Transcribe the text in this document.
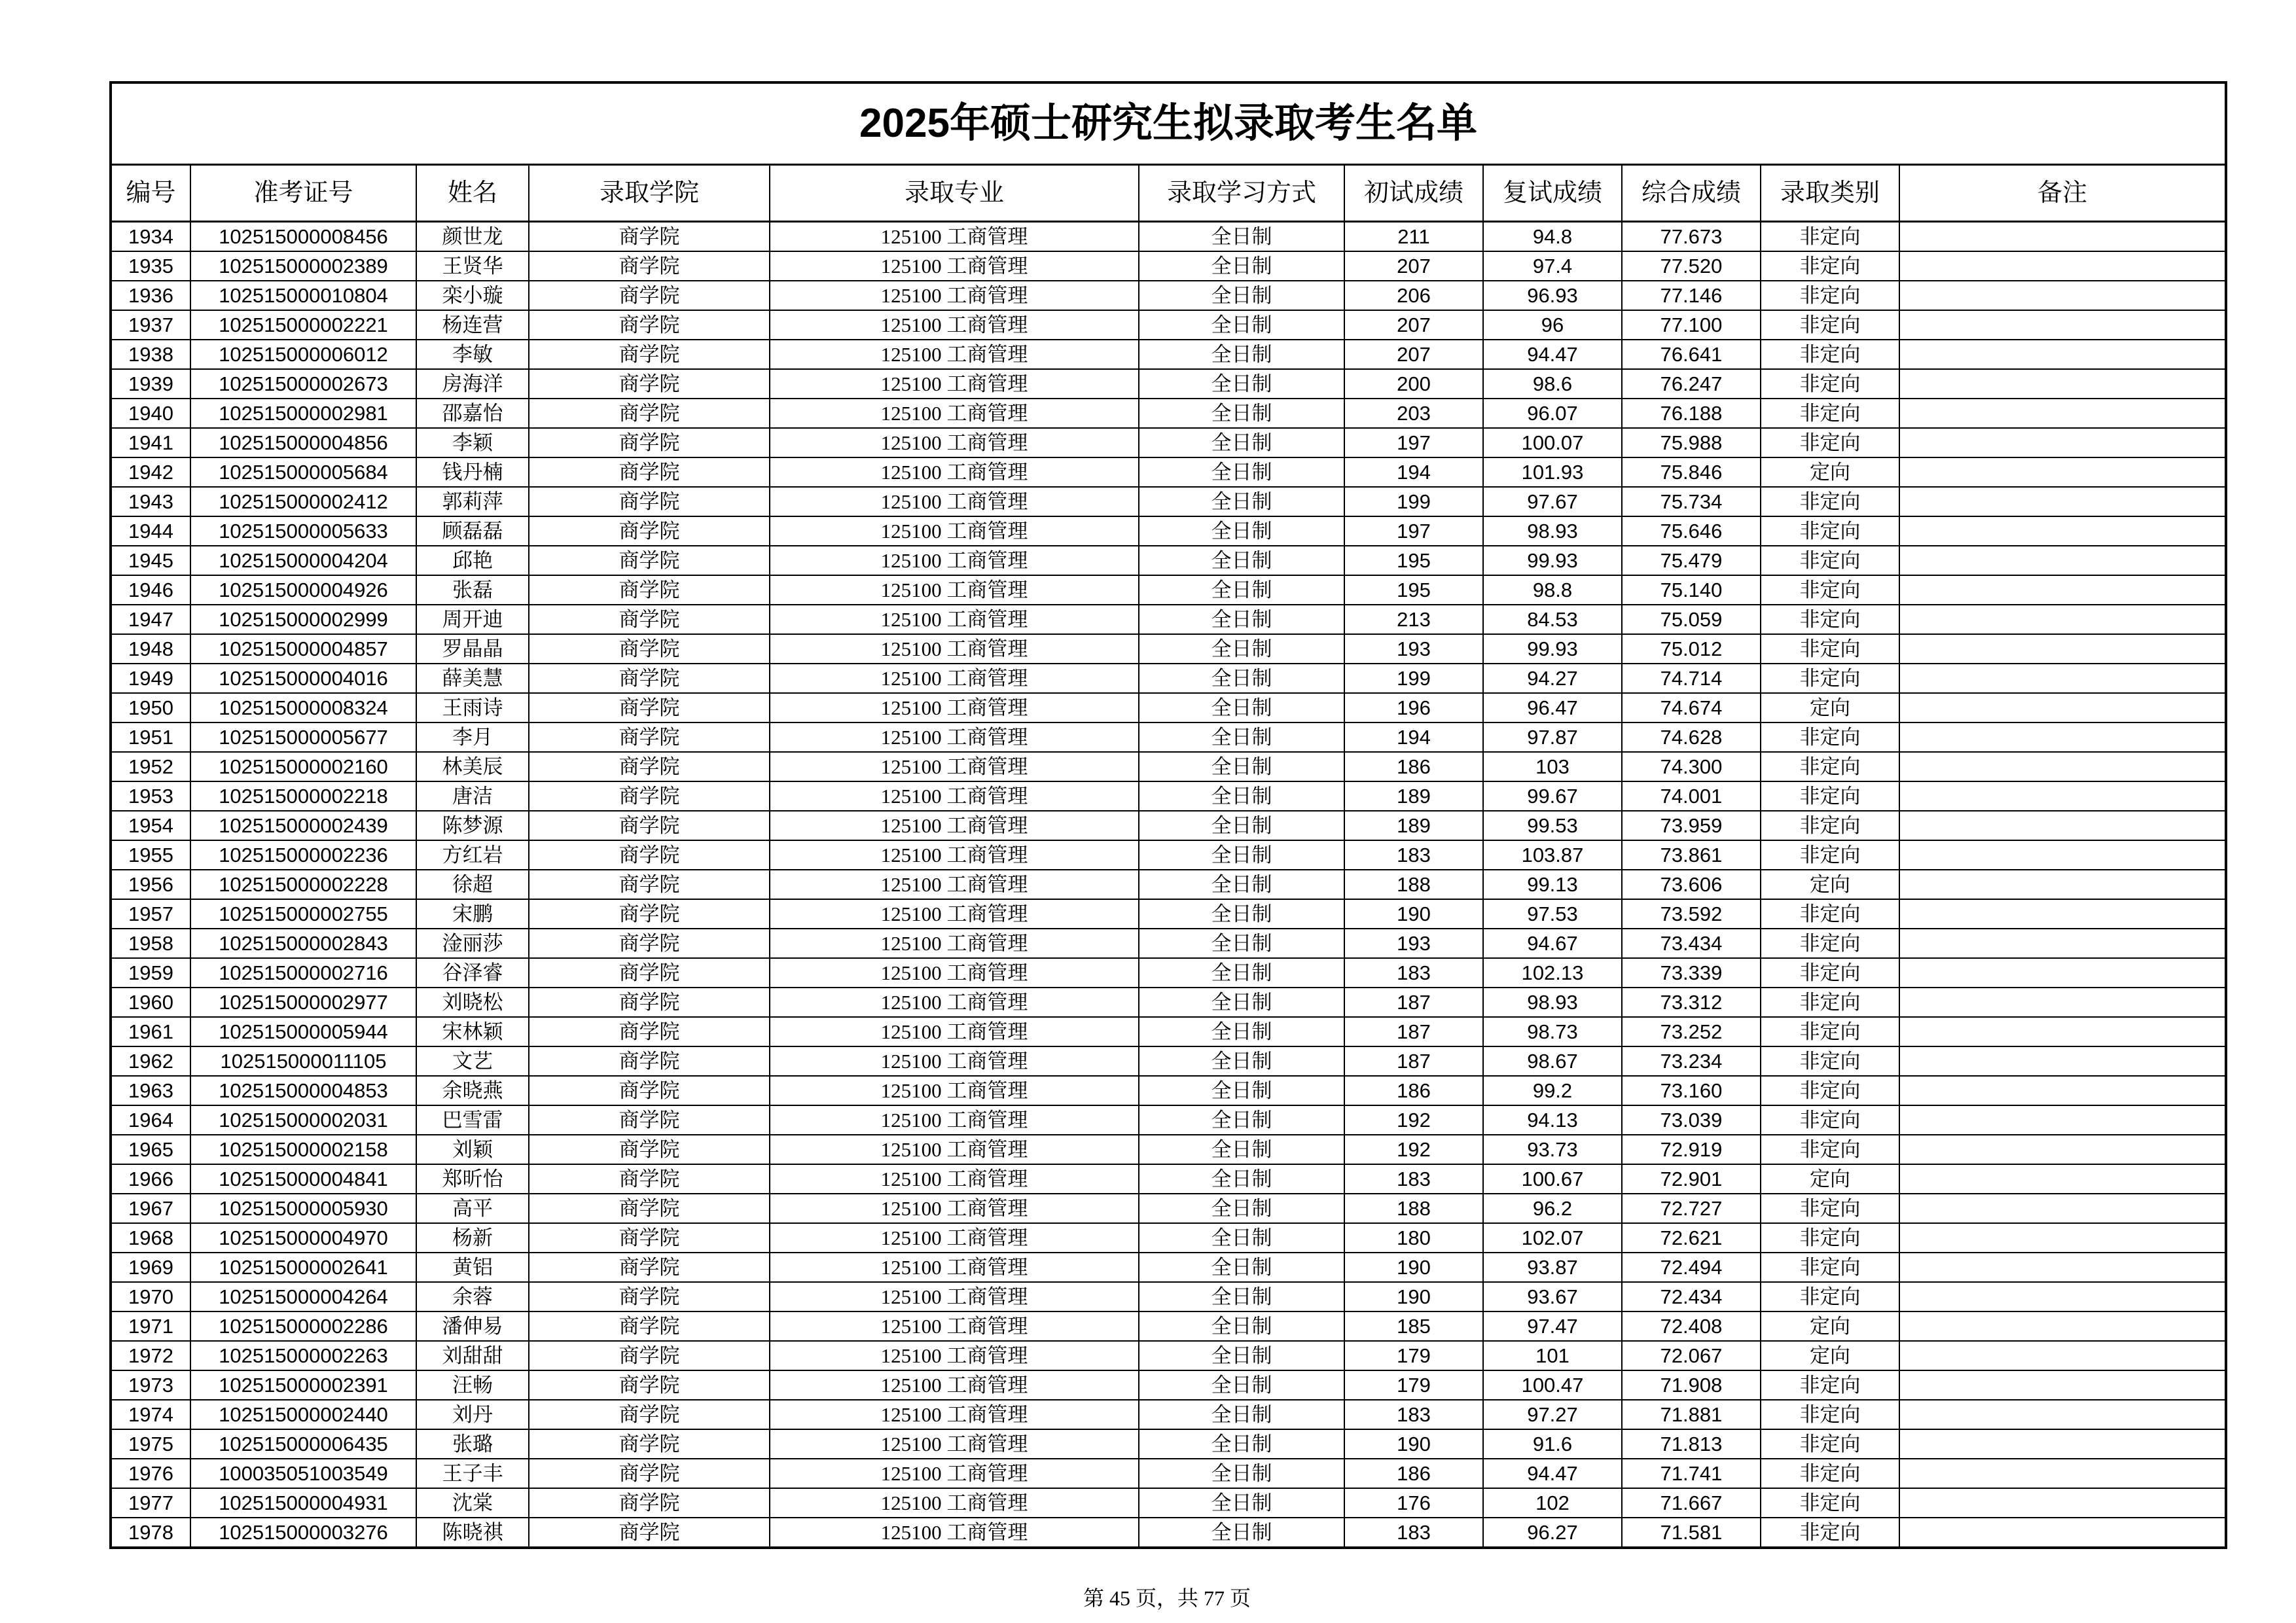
2025年硕士研究生拟录取考生名单										
编号	准考证号	姓名	录取学院	录取专业	录取学习方式	初试成绩	复试成绩	综合成绩	录取类别	备注
1934	102515000008456	颜世龙	商学院	125100 工商管理	全日制	211	94.8	77.673	非定向	
1935	102515000002389	王贤华	商学院	125100 工商管理	全日制	207	97.4	77.520	非定向	
1936	102515000010804	栾小璇	商学院	125100 工商管理	全日制	206	96.93	77.146	非定向	
1937	102515000002221	杨连营	商学院	125100 工商管理	全日制	207	96	77.100	非定向	
1938	102515000006012	李敏	商学院	125100 工商管理	全日制	207	94.47	76.641	非定向	
1939	102515000002673	房海洋	商学院	125100 工商管理	全日制	200	98.6	76.247	非定向	
1940	102515000002981	邵嘉怡	商学院	125100 工商管理	全日制	203	96.07	76.188	非定向	
1941	102515000004856	李颖	商学院	125100 工商管理	全日制	197	100.07	75.988	非定向	
1942	102515000005684	钱丹楠	商学院	125100 工商管理	全日制	194	101.93	75.846	定向	
1943	102515000002412	郭莉萍	商学院	125100 工商管理	全日制	199	97.67	75.734	非定向	
1944	102515000005633	顾磊磊	商学院	125100 工商管理	全日制	197	98.93	75.646	非定向	
1945	102515000004204	邱艳	商学院	125100 工商管理	全日制	195	99.93	75.479	非定向	
1946	102515000004926	张磊	商学院	125100 工商管理	全日制	195	98.8	75.140	非定向	
1947	102515000002999	周开迪	商学院	125100 工商管理	全日制	213	84.53	75.059	非定向	
1948	102515000004857	罗晶晶	商学院	125100 工商管理	全日制	193	99.93	75.012	非定向	
1949	102515000004016	薛美慧	商学院	125100 工商管理	全日制	199	94.27	74.714	非定向	
1950	102515000008324	王雨诗	商学院	125100 工商管理	全日制	196	96.47	74.674	定向	
1951	102515000005677	李月	商学院	125100 工商管理	全日制	194	97.87	74.628	非定向	
1952	102515000002160	林美辰	商学院	125100 工商管理	全日制	186	103	74.300	非定向	
1953	102515000002218	唐洁	商学院	125100 工商管理	全日制	189	99.67	74.001	非定向	
1954	102515000002439	陈梦源	商学院	125100 工商管理	全日制	189	99.53	73.959	非定向	
1955	102515000002236	方红岩	商学院	125100 工商管理	全日制	183	103.87	73.861	非定向	
1956	102515000002228	徐超	商学院	125100 工商管理	全日制	188	99.13	73.606	定向	
1957	102515000002755	宋鹏	商学院	125100 工商管理	全日制	190	97.53	73.592	非定向	
1958	102515000002843	淦丽莎	商学院	125100 工商管理	全日制	193	94.67	73.434	非定向	
1959	102515000002716	谷泽睿	商学院	125100 工商管理	全日制	183	102.13	73.339	非定向	
1960	102515000002977	刘晓松	商学院	125100 工商管理	全日制	187	98.93	73.312	非定向	
1961	102515000005944	宋林颖	商学院	125100 工商管理	全日制	187	98.73	73.252	非定向	
1962	102515000011105	文艺	商学院	125100 工商管理	全日制	187	98.67	73.234	非定向	
1963	102515000004853	余晓燕	商学院	125100 工商管理	全日制	186	99.2	73.160	非定向	
1964	102515000002031	巴雪雷	商学院	125100 工商管理	全日制	192	94.13	73.039	非定向	
1965	102515000002158	刘颖	商学院	125100 工商管理	全日制	192	93.73	72.919	非定向	
1966	102515000004841	郑昕怡	商学院	125100 工商管理	全日制	183	100.67	72.901	定向	
1967	102515000005930	高平	商学院	125100 工商管理	全日制	188	96.2	72.727	非定向	
1968	102515000004970	杨新	商学院	125100 工商管理	全日制	180	102.07	72.621	非定向	
1969	102515000002641	黄铝	商学院	125100 工商管理	全日制	190	93.87	72.494	非定向	
1970	102515000004264	余蓉	商学院	125100 工商管理	全日制	190	93.67	72.434	非定向	
1971	102515000002286	潘伸易	商学院	125100 工商管理	全日制	185	97.47	72.408	定向	
1972	102515000002263	刘甜甜	商学院	125100 工商管理	全日制	179	101	72.067	定向	
1973	102515000002391	汪畅	商学院	125100 工商管理	全日制	179	100.47	71.908	非定向	
1974	102515000002440	刘丹	商学院	125100 工商管理	全日制	183	97.27	71.881	非定向	
1975	102515000006435	张璐	商学院	125100 工商管理	全日制	190	91.6	71.813	非定向	
1976	100035051003549	王子丰	商学院	125100 工商管理	全日制	186	94.47	71.741	非定向	
1977	102515000004931	沈棠	商学院	125100 工商管理	全日制	176	102	71.667	非定向	
1978	102515000003276	陈晓祺	商学院	125100 工商管理	全日制	183	96.27	71.581	非定向	
第 45 页，共 77 页
